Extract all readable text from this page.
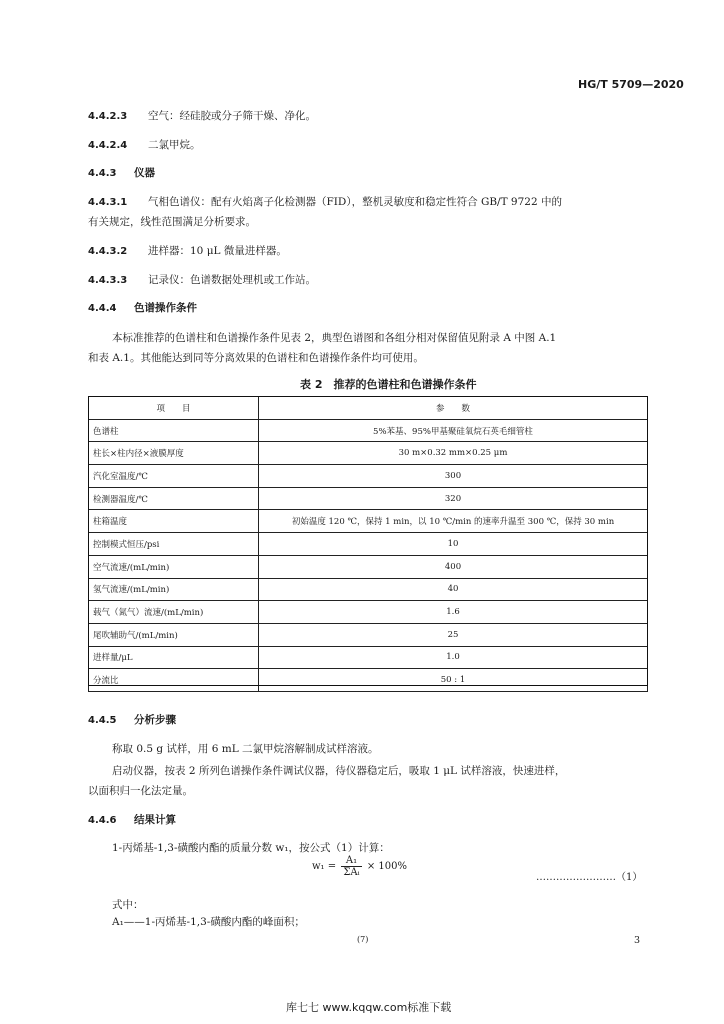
HG/T 5709—2020
4.4.2.3 空气：经硅胶或分子筛干燥、净化。
4.4.2.4 二氯甲烷。
4.4.3 仪器
4.4.3.1 气相色谱仪：配有火焰离子化检测器（FID），整机灵敏度和稳定性符合 GB/T 9722 中的
有关规定，线性范围满足分析要求。
4.4.3.2 进样器：10 μL 微量进样器。
4.4.3.3 记录仪：色谱数据处理机或工作站。
4.4.4 色谱操作条件
本标准推荐的色谱柱和色谱操作条件见表 2，典型色谱图和各组分相对保留值见附录 A 中图 A.1
和表 A.1。其他能达到同等分离效果的色谱柱和色谱操作条件均可使用。
表 2　推荐的色谱柱和色谱操作条件
项　　目	参　　数
色谱柱	5%苯基、95%甲基聚硅氧烷石英毛细管柱
柱长×柱内径×液膜厚度	30 m×0.32 mm×0.25 μm
汽化室温度/℃	300
检测器温度/℃	320
柱箱温度	初始温度 120 ℃，保持 1 min，以 10 ℃/min 的速率升温至 300 ℃，保持 30 min
控制模式恒压/psi	10
空气流速/(mL/min)	400
氢气流速/(mL/min)	40
载气（氮气）流速/(mL/min)	1.6
尾吹辅助气/(mL/min)	25
进样量/μL	1.0
分流比	50 : 1
4.4.5 分析步骤
称取 0.5 g 试样，用 6 mL 二氯甲烷溶解制成试样溶液。
启动仪器，按表 2 所列色谱操作条件调试仪器，待仪器稳定后，吸取 1 μL 试样溶液，快速进样，
以面积归一化法定量。
4.4.6 结果计算
1-丙烯基-1,3-磺酸内酯的质量分数 w₁，按公式（1）计算：
$w_1 = \frac{\text{A₁}}{\text{ΣAᵢ}} \times 100\%$
……………………（1）
式中：
A₁——1-丙烯基-1,3-磺酸内酯的峰面积；
(7)	3
库七七 www.kqqw.com标准下载
